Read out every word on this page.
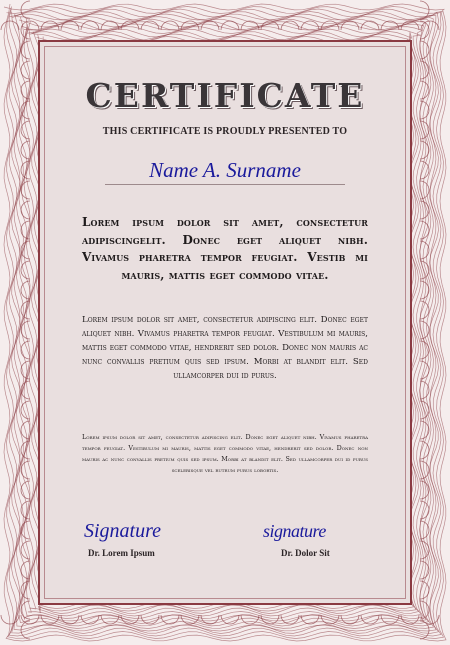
CERTIFICATE
THIS CERTIFICATE IS PROUDLY PRESENTED TO
Name A. Surname

Lorem ipsum dolor sit amet, consectetur adipiscingelit. Donec eget aliquet nibh. Vivamus pharetra tempor feugiat. Vestib mi mauris, mattis eget commodo vitae.

Lorem ipsum dolor sit amet, consectetur adipiscing elit. Donec eget aliquet nibh. Vivamus pharetra tempor feugiat. Vestibulum mi mauris, mattis eget commodo vitae, hendrerit sed dolor. Donec non mauris ac nunc convallis pretium quis sed ipsum. Morbi at blandit elit. Sed ullamcorper dui id purus.

Lorem ipsum dolor sit amet, consectetur adipiscing elit. Donec eget aliquet nibh. Vivamus pharetra tempor feugiat. Vestibulum mi mauris, mattis eget commodo vitae, hendrerit sed dolor. Donec non mauris ac nunc convallis pretium quis sed ipsum. Morbi at blandit elit. Sed ullamcorper dui id purus scelerisque vel rutrum purus lobortis.

Signature	signature
Dr. Lorem Ipsum	Dr. Dolor Sit
